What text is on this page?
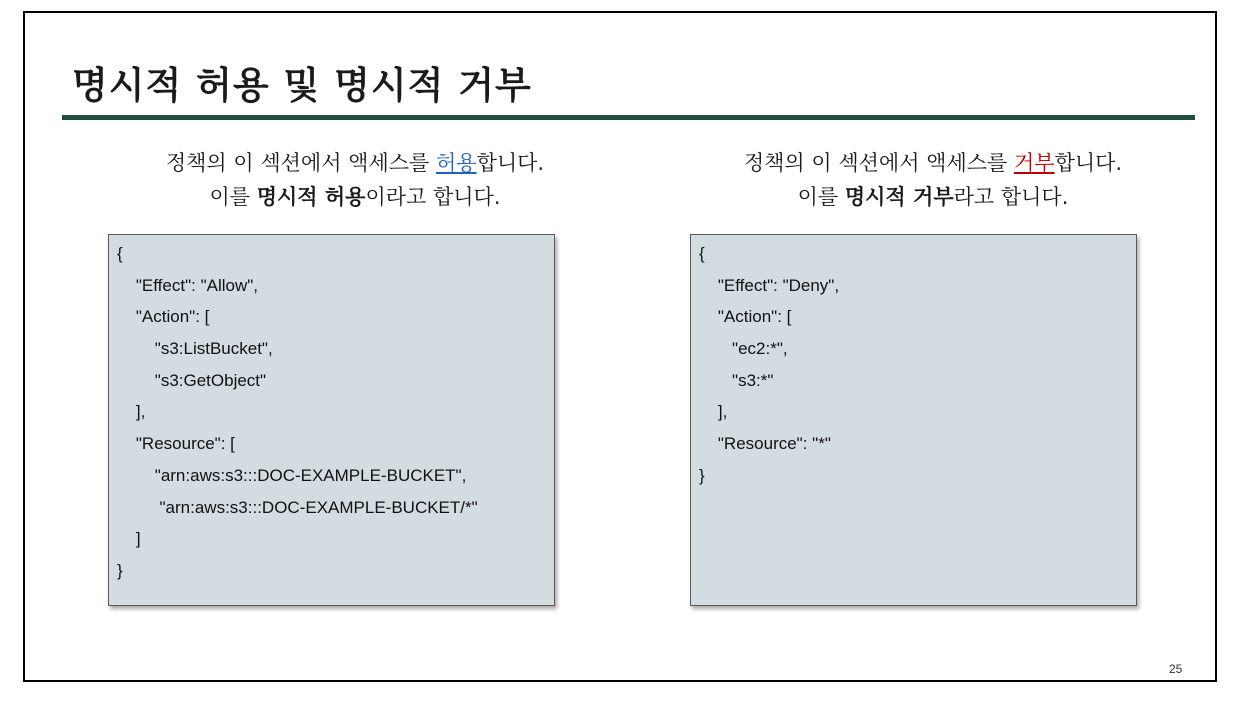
명시적 허용 및 명시적 거부

정책의 이 섹션에서 액세스를 허용합니다.
이를 명시적 허용이라고 합니다.

정책의 이 섹션에서 액세스를 거부합니다.
이를 명시적 거부라고 합니다.

{
"Effect": "Allow",
"Action": [
"s3:ListBucket",
"s3:GetObject"
],
"Resource": [
"arn:aws:s3:::DOC-EXAMPLE-BUCKET",
"arn:aws:s3:::DOC-EXAMPLE-BUCKET/*"
]
}
{
"Effect": "Deny",
"Action": [
"ec2:*",
"s3:*"
],
"Resource": "*"
}
25
